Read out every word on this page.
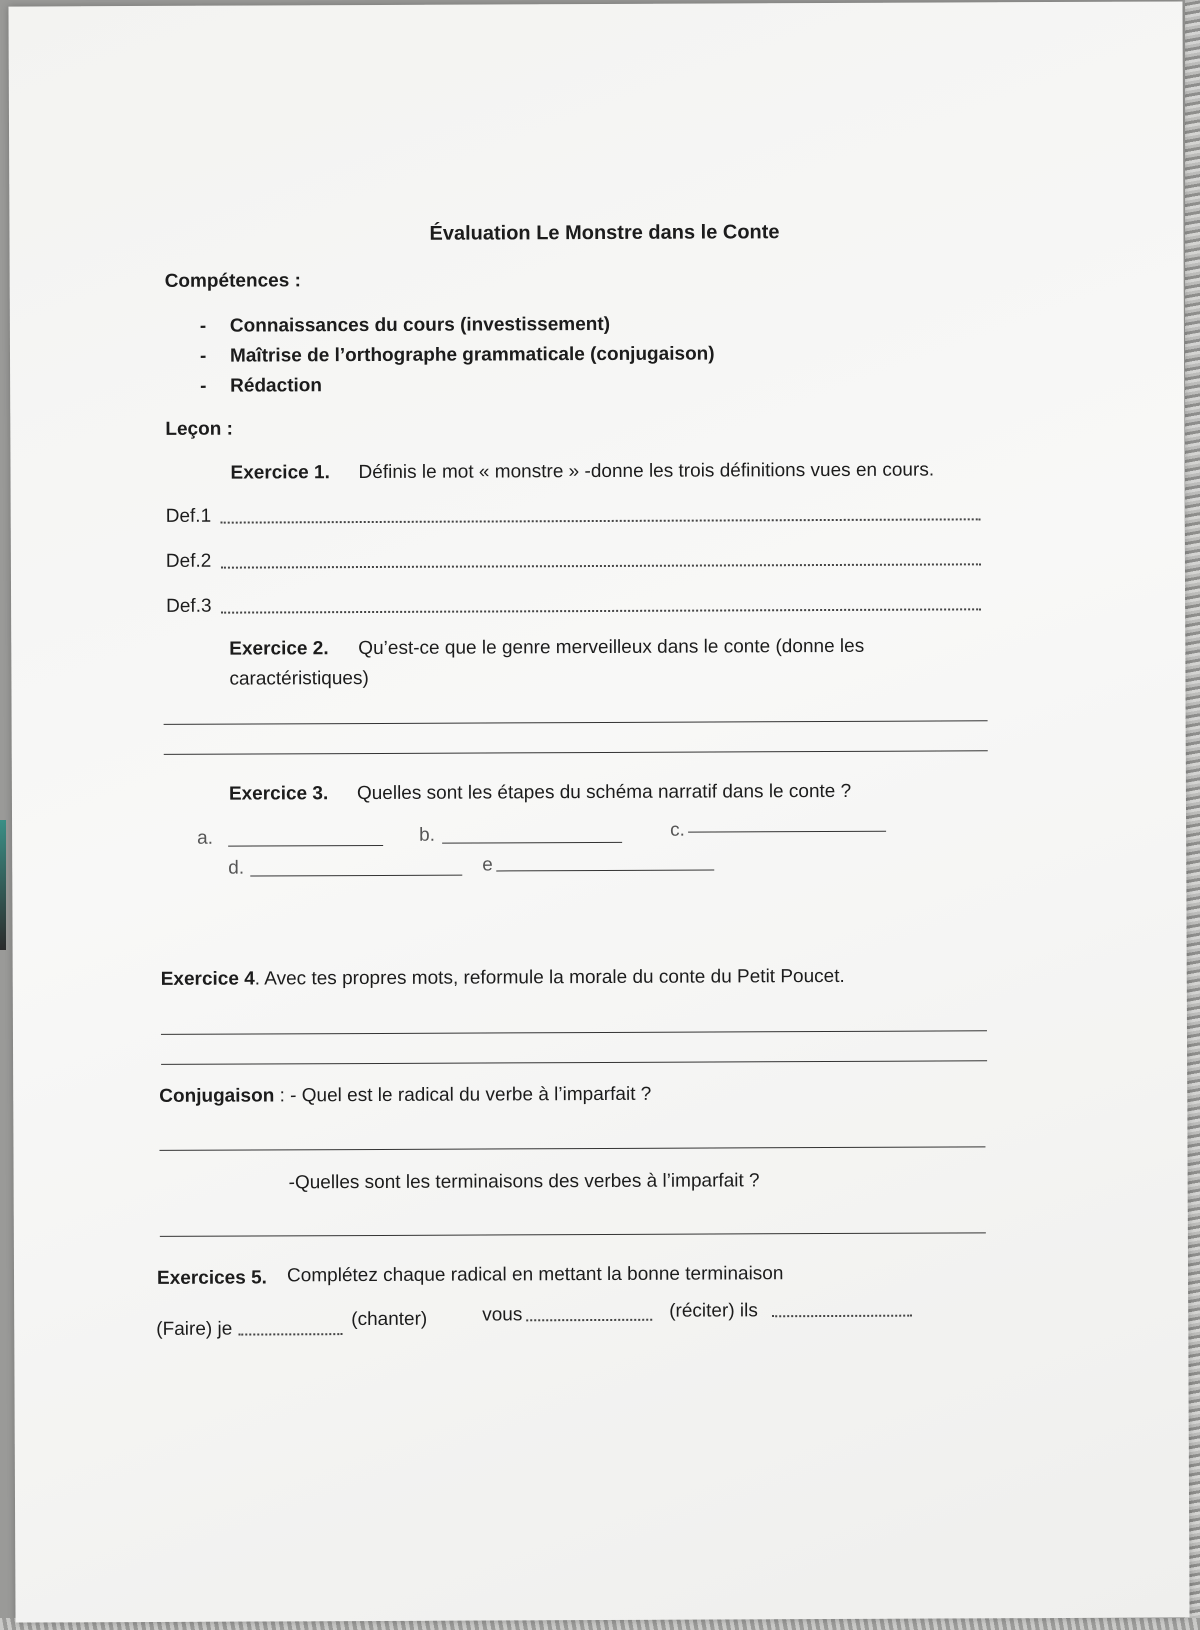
Évaluation Le Monstre dans le Conte
Compétences :
- Connaissances du cours (investissement)
- Maîtrise de l’orthographe grammaticale (conjugaison)
- Rédaction
Leçon :
Exercice 1. Définis le mot « monstre » -donne les trois définitions vues en cours.
Def.1
Def.2
Def.3
Exercice 2. Qu’est-ce que le genre merveilleux dans le conte (donne les
caractéristiques)
Exercice 3. Quelles sont les étapes du schéma narratif dans le conte ?
a.	b.	c.
d.	e
Exercice 4. Avec tes propres mots, reformule la morale du conte du Petit Poucet.
Conjugaison : - Quel est le radical du verbe à l’imparfait ?
-Quelles sont les terminaisons des verbes à l’imparfait ?
Exercices 5. Complétez chaque radical en mettant la bonne terminaison
(Faire) je	(chanter)	vous	(réciter) ils
